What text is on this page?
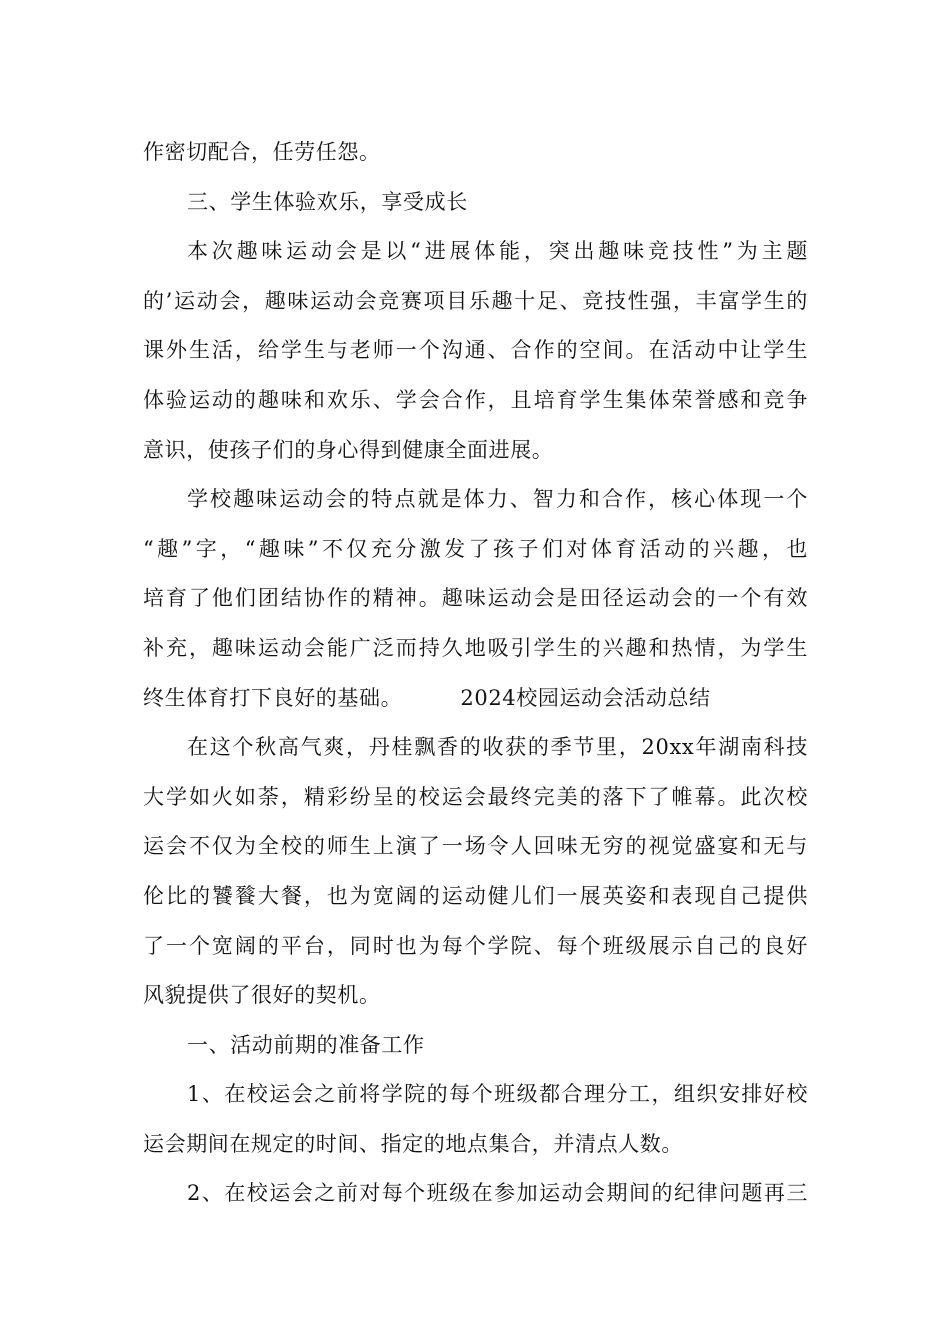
作密切配合，任劳任怨。
三、学生体验欢乐，享受成长
本次趣味运动会是以“进展体能，突出趣味竞技性”为主题
的’运动会，趣味运动会竞赛项目乐趣十足、竞技性强，丰富学生的
课外生活，给学生与老师一个沟通、合作的空间。在活动中让学生
体验运动的趣味和欢乐、学会合作，且培育学生集体荣誉感和竞争
意识，使孩子们的身心得到健康全面进展。
学校趣味运动会的特点就是体力、智力和合作，核心体现一个
“趣”字，“趣味”不仅充分激发了孩子们对体育活动的兴趣，也
培育了他们团结协作的精神。趣味运动会是田径运动会的一个有效
补充，趣味运动会能广泛而持久地吸引学生的兴趣和热情，为学生
终生体育打下良好的基础。        2024校园运动会活动总结
在这个秋高气爽，丹桂飘香的收获的季节里，20xx年湖南科技
大学如火如荼，精彩纷呈的校运会最终完美的落下了帷幕。此次校
运会不仅为全校的师生上演了一场令人回味无穷的视觉盛宴和无与
伦比的饕餮大餐，也为宽阔的运动健儿们一展英姿和表现自己提供
了一个宽阔的平台，同时也为每个学院、每个班级展示自己的良好
风貌提供了很好的契机。
一、活动前期的准备工作
1、在校运会之前将学院的每个班级都合理分工，组织安排好校
运会期间在规定的时间、指定的地点集合，并清点人数。
2、在校运会之前对每个班级在参加运动会期间的纪律问题再三
